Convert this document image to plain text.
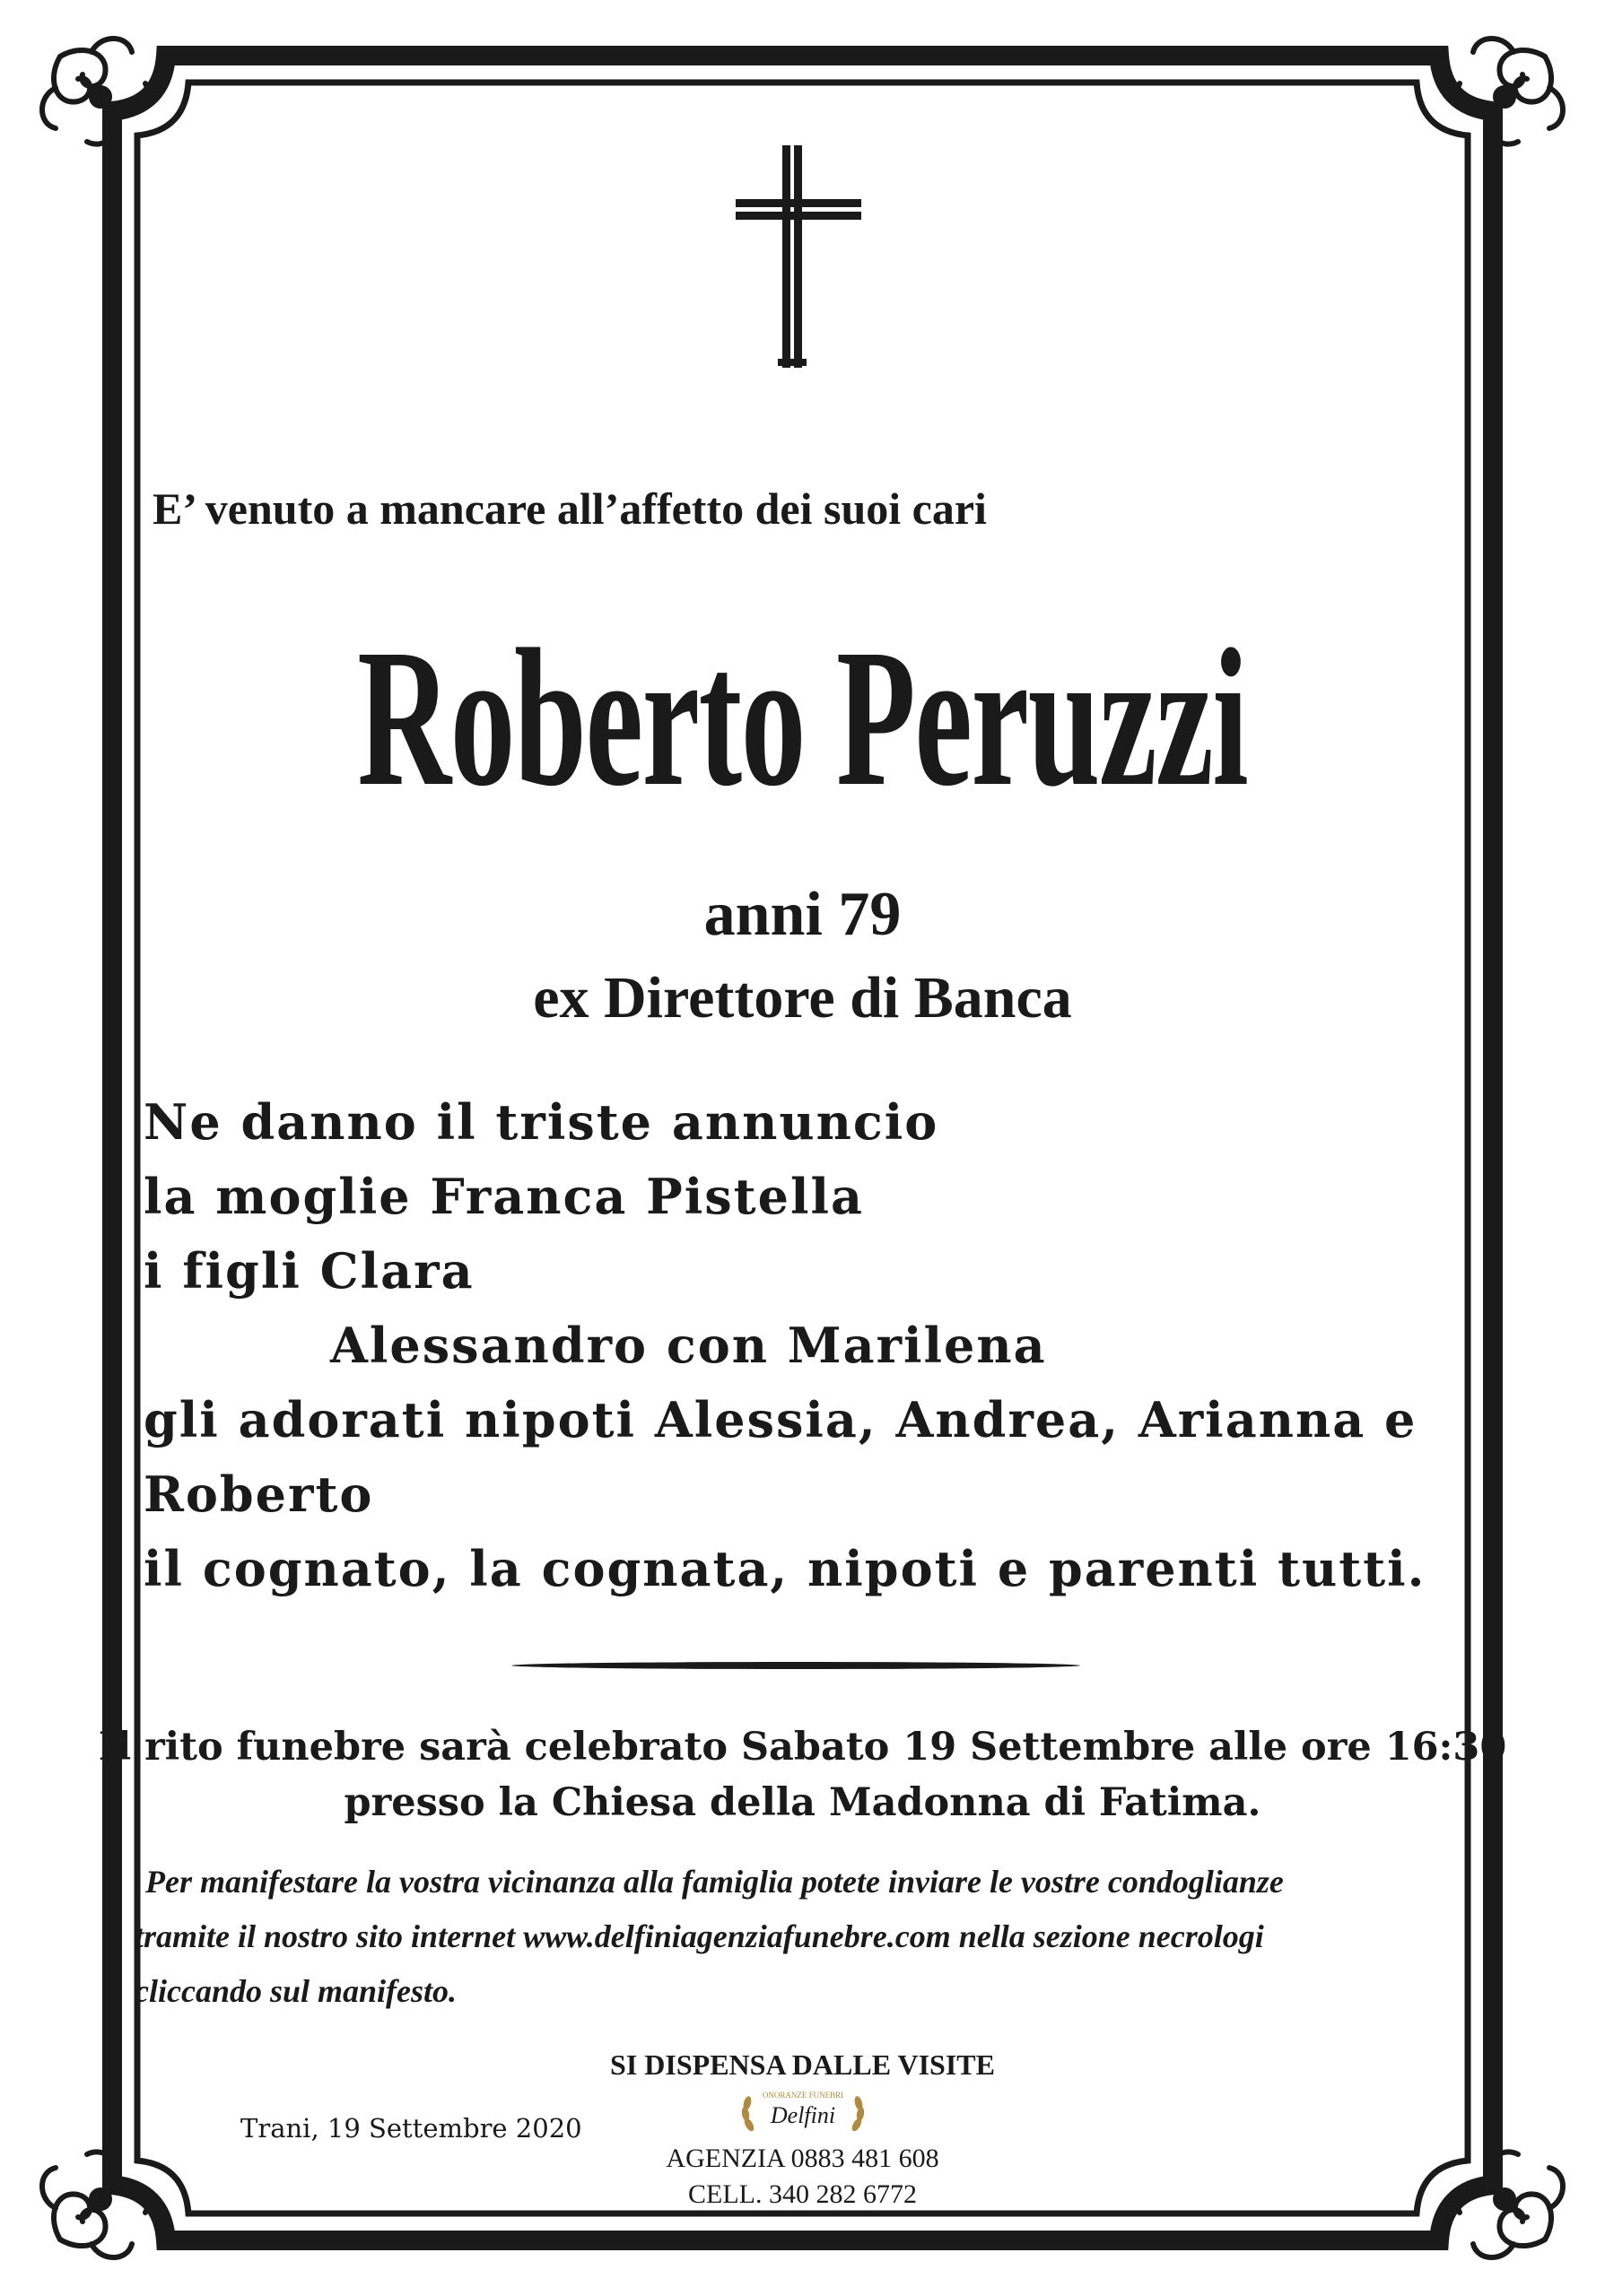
E’ venuto a mancare all’affetto dei suoi cari
Roberto Peruzzi
anni 79
ex Direttore di Banca
Ne danno il triste annuncio
la moglie Franca Pistella
i figli Clara
Alessandro con Marilena
gli adorati nipoti Alessia, Andrea, Arianna e
Roberto
il cognato, la cognata, nipoti e parenti tutti.
Il rito funebre sarà celebrato Sabato 19 Settembre alle ore 16:30
presso la Chiesa della Madonna di Fatima.
Per manifestare la vostra vicinanza alla famiglia potete inviare le vostre condoglianze
tramite il nostro sito internet www.delfiniagenziafunebre.com nella sezione necrologi
cliccando sul manifesto.
SI DISPENSA DALLE VISITE
Trani, 19 Settembre 2020
ONORANZE FUNEBRI
Delfini
AGENZIA 0883 481 608
CELL. 340 282 6772
